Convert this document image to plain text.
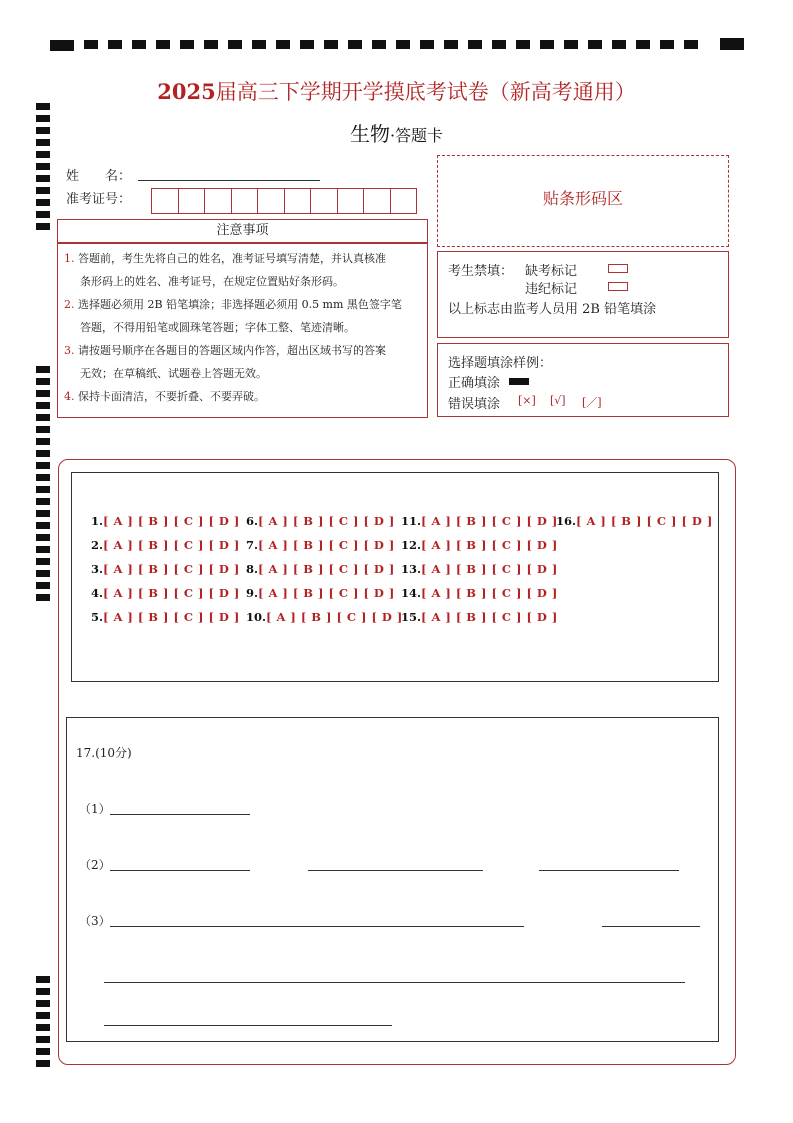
2025届高三下学期开学摸底考试卷（新高考通用）
生物·答题卡
姓　　名：
准考证号：	贴条形码区
注意事项
1. 答题前，考生先将自己的姓名，准考证号填写清楚，并认真核准
条形码上的姓名、准考证号，在规定位置贴好条形码。
2. 选择题必须用 2B 铅笔填涂；非选择题必须用 0.5 mm 黑色签字笔
答题，不得用铅笔或圆珠笔答题；字体工整、笔迹清晰。
3. 请按题号顺序在各题目的答题区域内作答，超出区域书写的答案
无效；在草稿纸、试题卷上答题无效。
4. 保持卡面清洁，不要折叠、不要弄破。
考生禁填： 缺考标记
违纪标记
以上标志由监考人员用 2B 铅笔填涂
选择题填涂样例：
正确填涂
错误填涂 [×] [√] [／]
1.[ A ] [ B ] [ C ] [ D ]
2.[ A ] [ B ] [ C ] [ D ]
3.[ A ] [ B ] [ C ] [ D ]
4.[ A ] [ B ] [ C ] [ D ]
5.[ A ] [ B ] [ C ] [ D ]
6.[ A ] [ B ] [ C ] [ D ]
7.[ A ] [ B ] [ C ] [ D ]
8.[ A ] [ B ] [ C ] [ D ]
9.[ A ] [ B ] [ C ] [ D ]
10.[ A ] [ B ] [ C ] [ D ]
11.[ A ] [ B ] [ C ] [ D ]
12.[ A ] [ B ] [ C ] [ D ]
13.[ A ] [ B ] [ C ] [ D ]
14.[ A ] [ B ] [ C ] [ D ]
15.[ A ] [ B ] [ C ] [ D ]
16.[ A ] [ B ] [ C ] [ D ]
17.(10分)
（1）
（2）
（3）
